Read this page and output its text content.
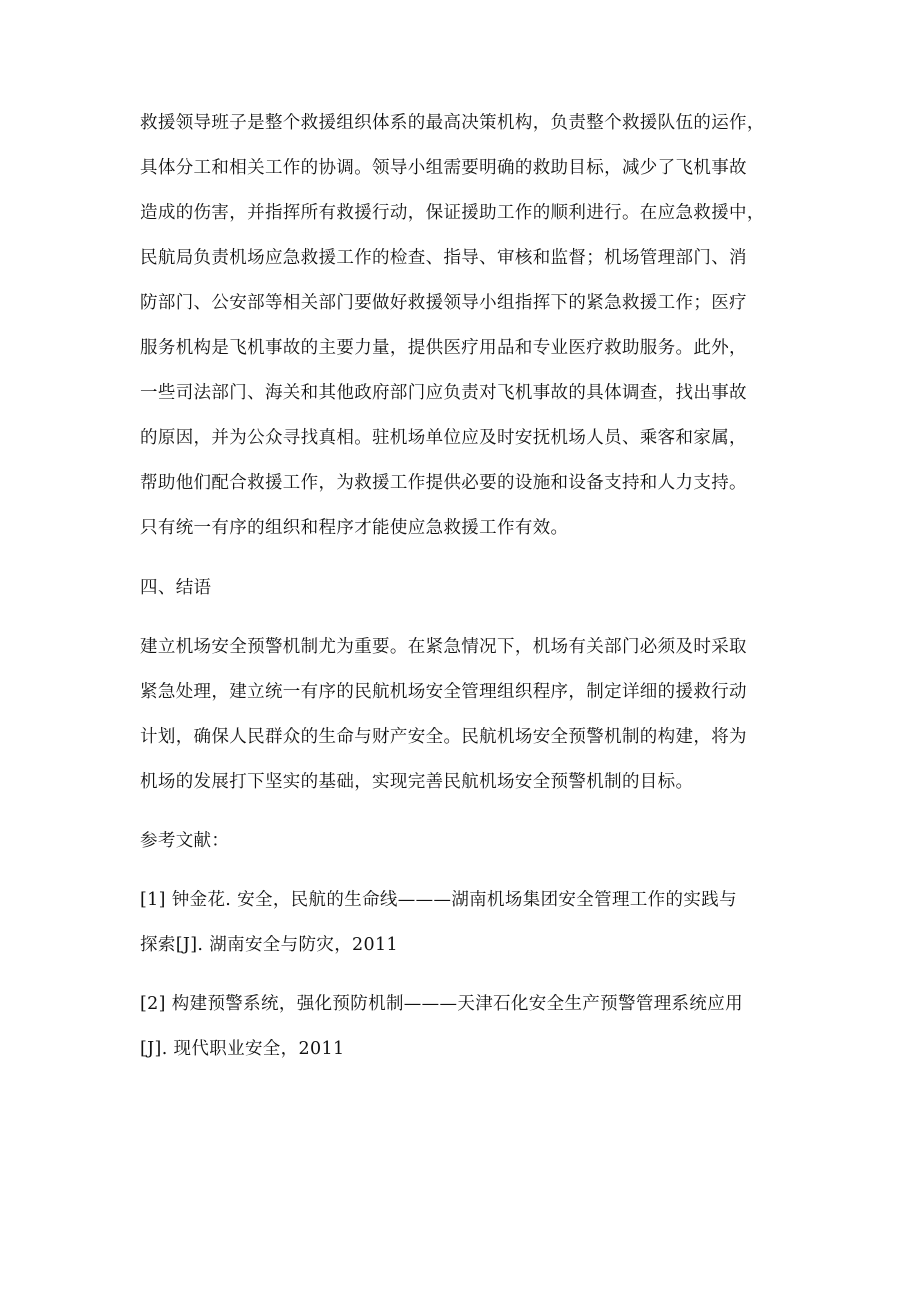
救援领导班子是整个救援组织体系的最高决策机构，负责整个救援队伍的运作，
具体分工和相关工作的协调。领导小组需要明确的救助目标，减少了飞机事故
造成的伤害，并指挥所有救援行动，保证援助工作的顺利进行。在应急救援中，
民航局负责机场应急救援工作的检查、指导、审核和监督；机场管理部门、消
防部门、公安部等相关部门要做好救援领导小组指挥下的紧急救援工作；医疗
服务机构是飞机事故的主要力量，提供医疗用品和专业医疗救助服务。此外，
一些司法部门、海关和其他政府部门应负责对飞机事故的具体调查，找出事故
的原因，并为公众寻找真相。驻机场单位应及时安抚机场人员、乘客和家属，
帮助他们配合救援工作，为救援工作提供必要的设施和设备支持和人力支持。
只有统一有序的组织和程序才能使应急救援工作有效。
四、结语
建立机场安全预警机制尤为重要。在紧急情况下，机场有关部门必须及时采取
紧急处理，建立统一有序的民航机场安全管理组织程序，制定详细的援救行动
计划，确保人民群众的生命与财产安全。民航机场安全预警机制的构建，将为
机场的发展打下坚实的基础，实现完善民航机场安全预警机制的目标。
参考文献：
[1] 钟金花. 安全，民航的生命线———湖南机场集团安全管理工作的实践与
探索[J]. 湖南安全与防灾，2011
[2] 构建预警系统，强化预防机制———天津石化安全生产预警管理系统应用
[J]. 现代职业安全，2011
